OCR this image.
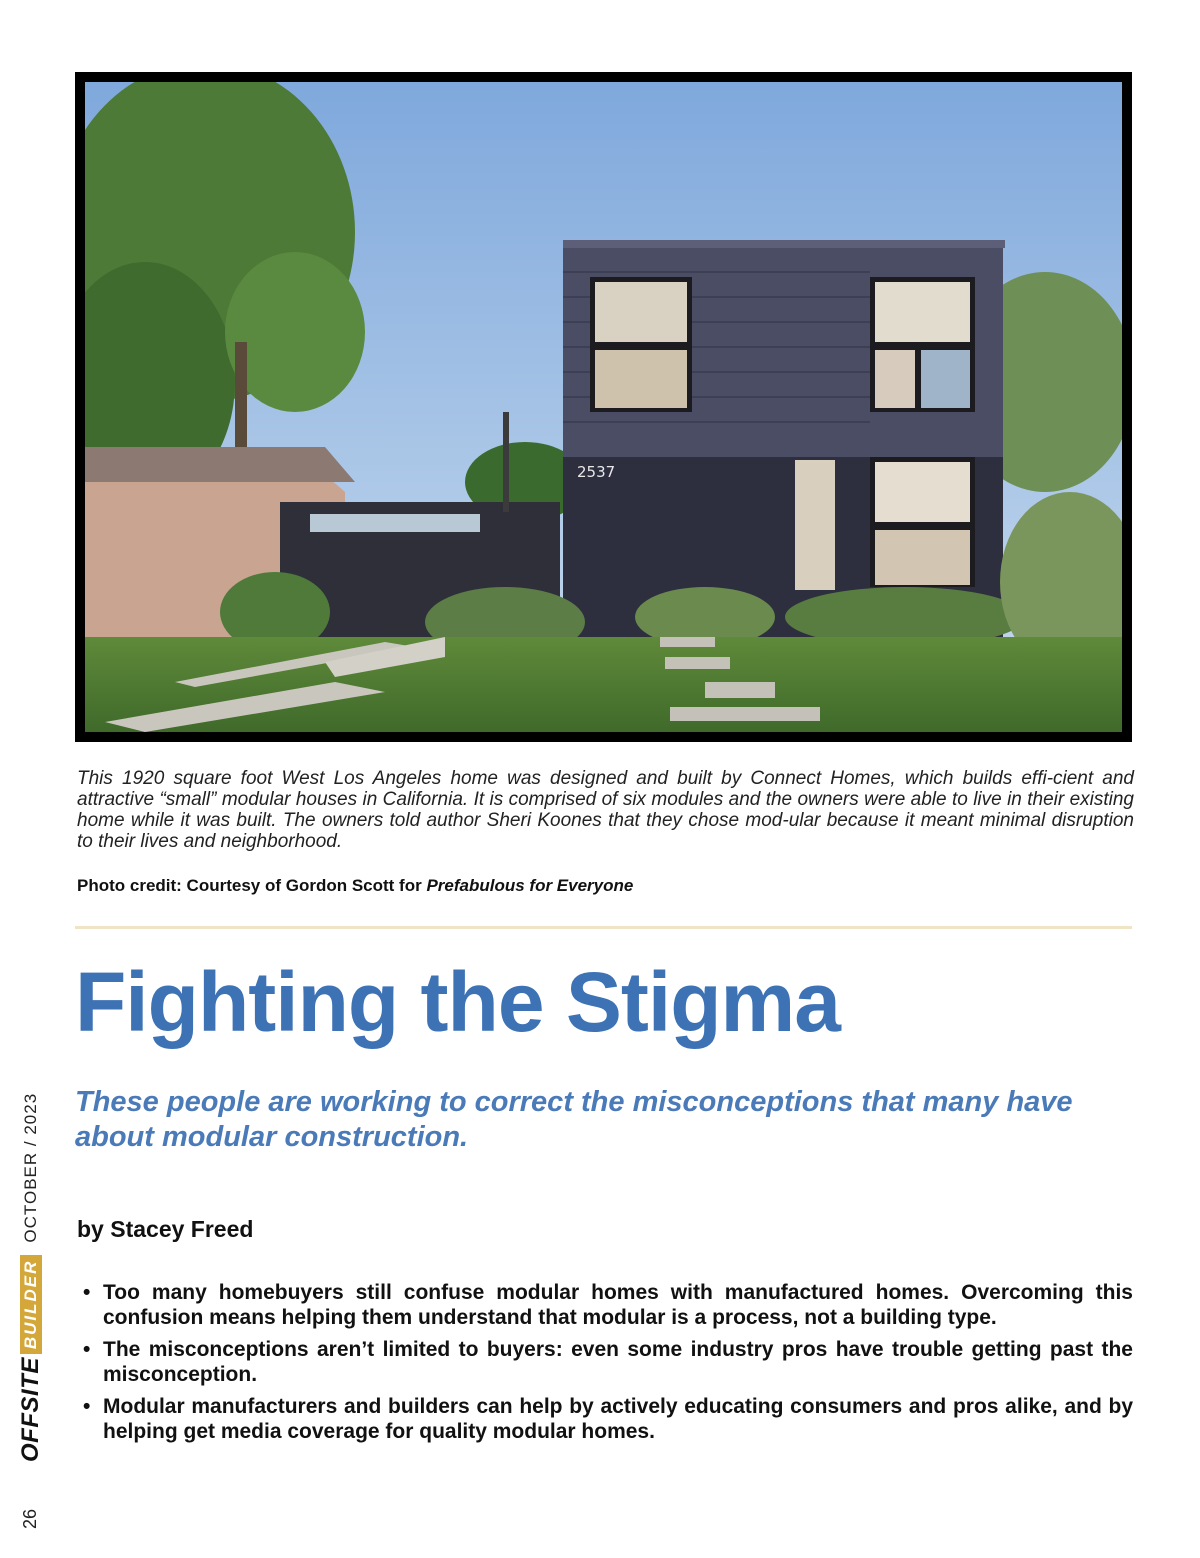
2537
This 1920 square foot West Los Angeles home was designed and built by Connect Homes, which builds effi-cient and attractive “small” modular houses in California. It is comprised of six modules and the owners were able to live in their existing home while it was built. The owners told author Sheri Koones that they chose mod-ular because it meant minimal disruption to their lives and neighborhood.
Photo credit: Courtesy of Gordon Scott for Prefabulous for Everyone
Fighting the Stigma
These people are working to correct the misconceptions that many have about modular construction.
by Stacey Freed
• Too many homebuyers still confuse modular homes with manufactured homes. Overcoming this confusion means helping them understand that modular is a process, not a building type.
• The misconceptions aren’t limited to buyers: even some industry pros have trouble getting past the misconception.
• Modular manufacturers and builders can help by actively educating consumers and pros alike, and by helping get media coverage for quality modular homes.
OFFSITE
BUILDER
OCTOBER / 2023
26
